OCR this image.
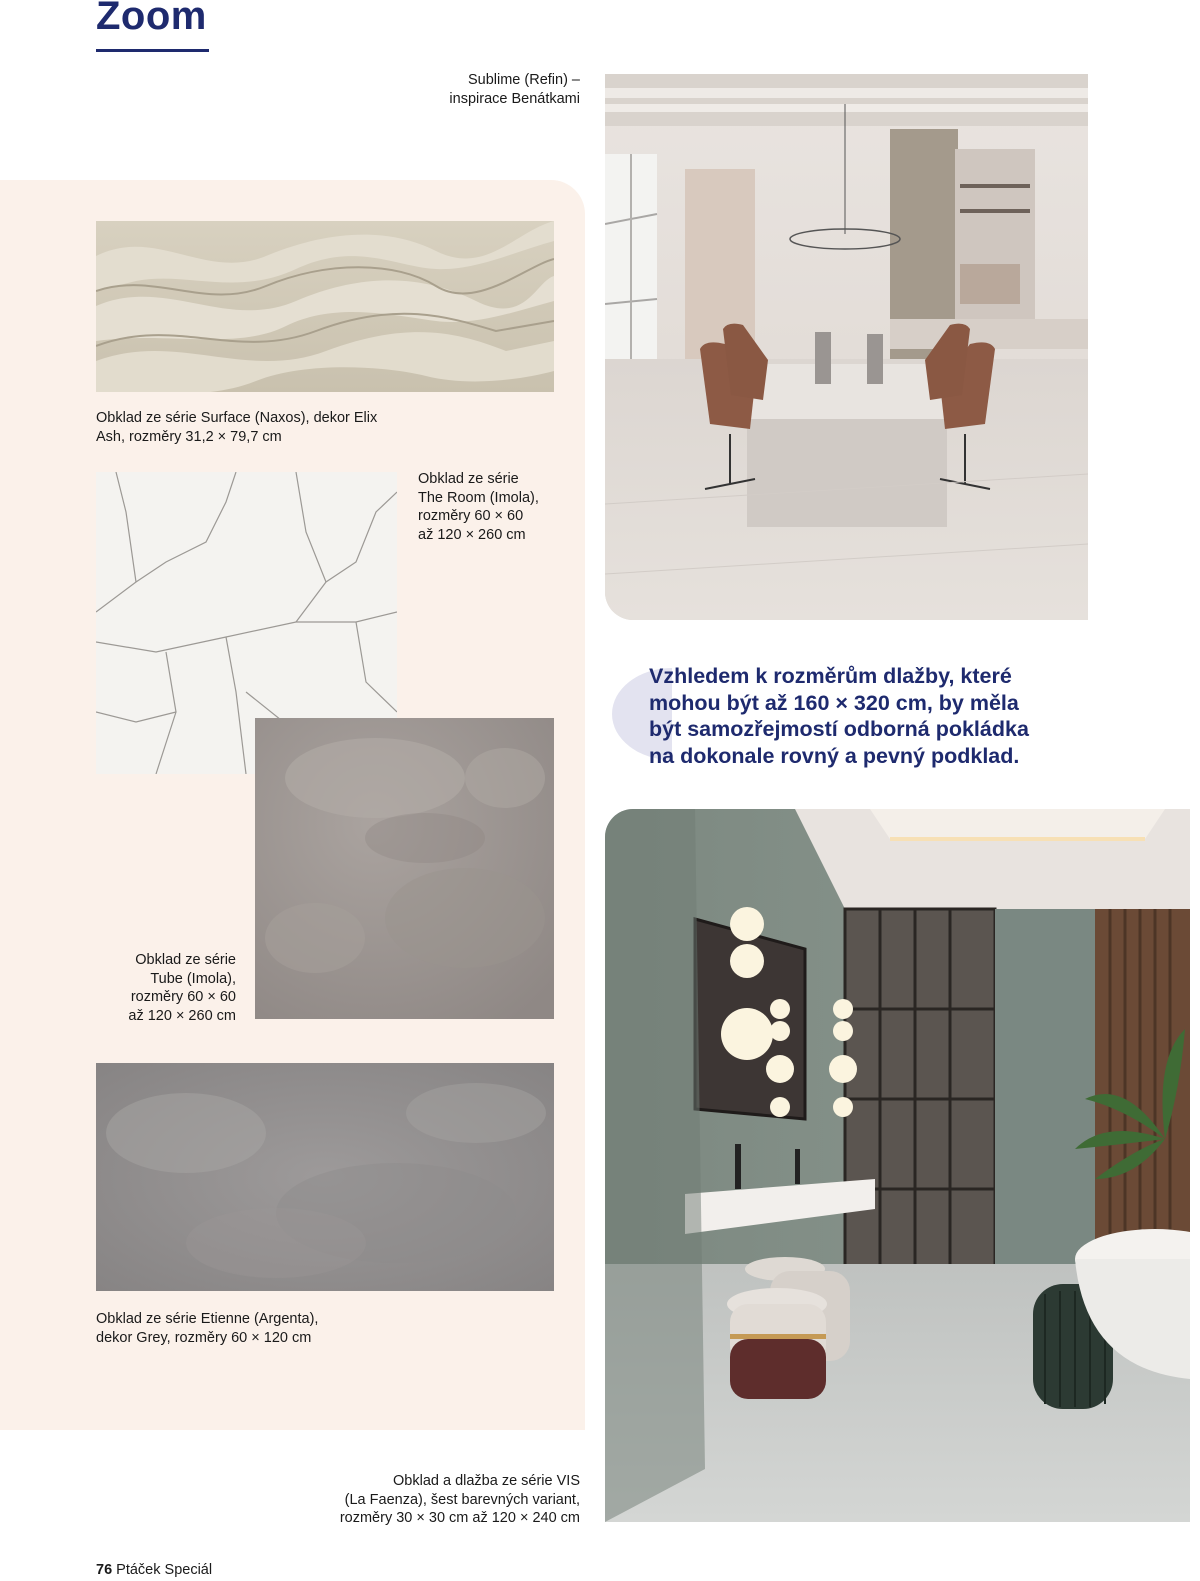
Zoom
Sublime (Refin) –
inspirace Benátkami
Obklad ze série Surface (Naxos), dekor Elix
Ash, rozměry 31,2 × 79,7 cm
Obklad ze série
The Room (Imola),
rozměry 60 × 60
až 120 × 260 cm
Obklad ze série
Tube (Imola),
rozměry 60 × 60
až 120 × 260 cm
Obklad ze série Etienne (Argenta),
dekor Grey, rozměry 60 × 120 cm
Vzhledem k rozměrům dlažby, které
mohou být až 160 × 320 cm, by měla
být samozřejmostí odborná pokládka
na dokonale rovný a pevný podklad.
Obklad a dlažba ze série VIS
(La Faenza), šest barevných variant,
rozměry 30 × 30 cm až 120 × 240 cm
76 Ptáček Speciál
